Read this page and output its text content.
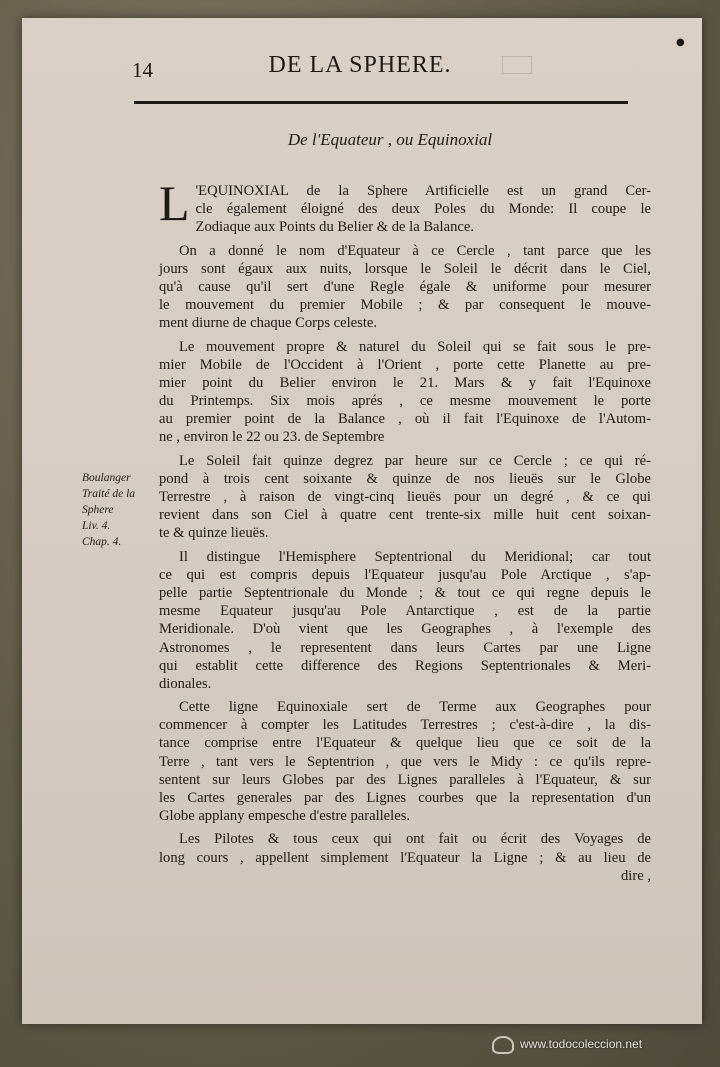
●
14	DE LA SPHERE.
De l'Equateur , ou Equinoxial
Boulanger
Traité de la
Sphere
Liv. 4.
Chap. 4.
L 'EQUINOXIAL de la Sphere Artificielle est un grand Cer-
cle également éloigné des deux Poles du Monde: Il coupe le
Zodiaque aux Points du Belier & de la Balance.
On a donné le nom d'Equateur à ce Cercle , tant parce que les
jours sont égaux aux nuits, lorsque le Soleil le décrit dans le Ciel,
qu'à cause qu'il sert d'une Regle égale & uniforme pour mesurer
le mouvement du premier Mobile ; & par consequent le mouve-
ment diurne de chaque Corps celeste.
Le mouvement propre & naturel du Soleil qui se fait sous le pre-
mier Mobile de l'Occident à l'Orient , porte cette Planette au pre-
mier point du Belier environ le 21. Mars & y fait l'Equinoxe
du Printemps. Six mois aprés , ce mesme mouvement le porte
au premier point de la Balance , où il fait l'Equinoxe de l'Autom-
ne , environ le 22 ou 23. de Septembre
Le Soleil fait quinze degrez par heure sur ce Cercle ; ce qui ré-
pond à trois cent soixante & quinze de nos lieuës sur le Globe
Terrestre , à raison de vingt-cinq lieuës pour un degré , & ce qui
revient dans son Ciel à quatre cent trente-six mille huit cent soixan-
te & quinze lieuës.
Il distingue l'Hemisphere Septentrional du Meridional; car tout
ce qui est compris depuis l'Equateur jusqu'au Pole Arctique , s'ap-
pelle partie Septentrionale du Monde ; & tout ce qui regne depuis le
mesme Equateur jusqu'au Pole Antarctique , est de la partie
Meridionale. D'où vient que les Geographes , à l'exemple des
Astronomes , le representent dans leurs Cartes par une Ligne
qui establit cette difference des Regions Septentrionales & Meri-
dionales.
Cette ligne Equinoxiale sert de Terme aux Geographes pour
commencer à compter les Latitudes Terrestres ; c'est-à-dire , la dis-
tance comprise entre l'Equateur & quelque lieu que ce soit de la
Terre , tant vers le Septentrion , que vers le Midy : ce qu'ils repre-
sentent sur leurs Globes par des Lignes paralleles à l'Equateur, & sur
les Cartes generales par des Lignes courbes que la representation d'un
Globe applany empesche d'estre paralleles.
Les Pilotes & tous ceux qui ont fait ou écrit des Voyages de
long cours , appellent simplement l'Equateur la Ligne ; & au lieu de
dire ,
www.todocoleccion.net
